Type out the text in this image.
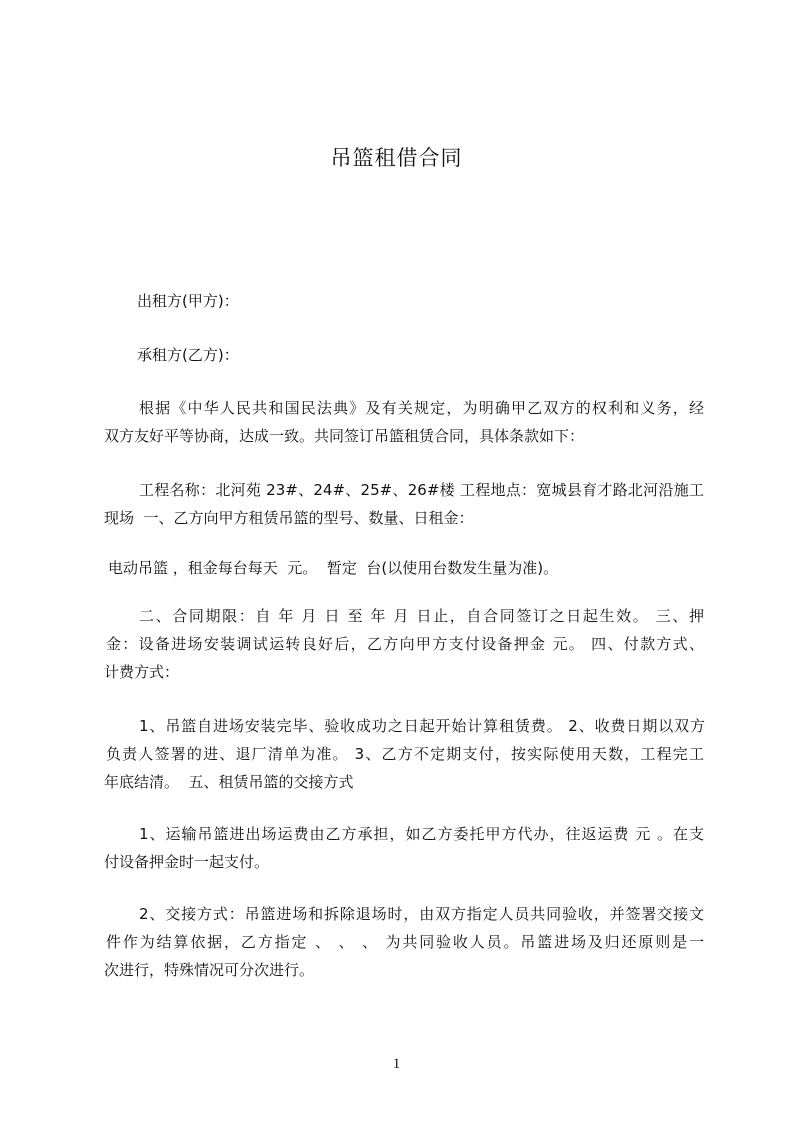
吊篮租借合同
出租方(甲方)：
承租方(乙方)：
根据《中华人民共和国民法典》及有关规定，为明确甲乙双方的权利和义务，经
双方友好平等协商，达成一致。共同签订吊篮租赁合同，具体条款如下：
工程名称：北河苑 23#、24#、25#、26#楼 工程地点：宽城县育才路北河沿施工
现场  一、乙方向甲方租赁吊篮的型号、数量、日租金：
电动吊篮 ，租金每台每天  元。  暂定  台(以使用台数发生量为准)。
二、合同期限：自 年 月 日 至 年 月 日止，自合同签订之日起生效。 三、押
金：设备进场安装调试运转良好后，乙方向甲方支付设备押金 元。 四、付款方式、
计费方式：
1、吊篮自进场安装完毕、验收成功之日起开始计算租赁费。 2、收费日期以双方
负责人签署的进、退厂清单为准。 3、乙方不定期支付，按实际使用天数，工程完工
年底结清。  五、租赁吊篮的交接方式
1、运输吊篮进出场运费由乙方承担，如乙方委托甲方代办，往返运费 元 。在支
付设备押金时一起支付。
2、交接方式：吊篮进场和拆除退场时，由双方指定人员共同验收，并签署交接文
件作为结算依据，乙方指定 、 、 、 为共同验收人员。吊篮进场及归还原则是一
次进行，特殊情况可分次进行。
1
